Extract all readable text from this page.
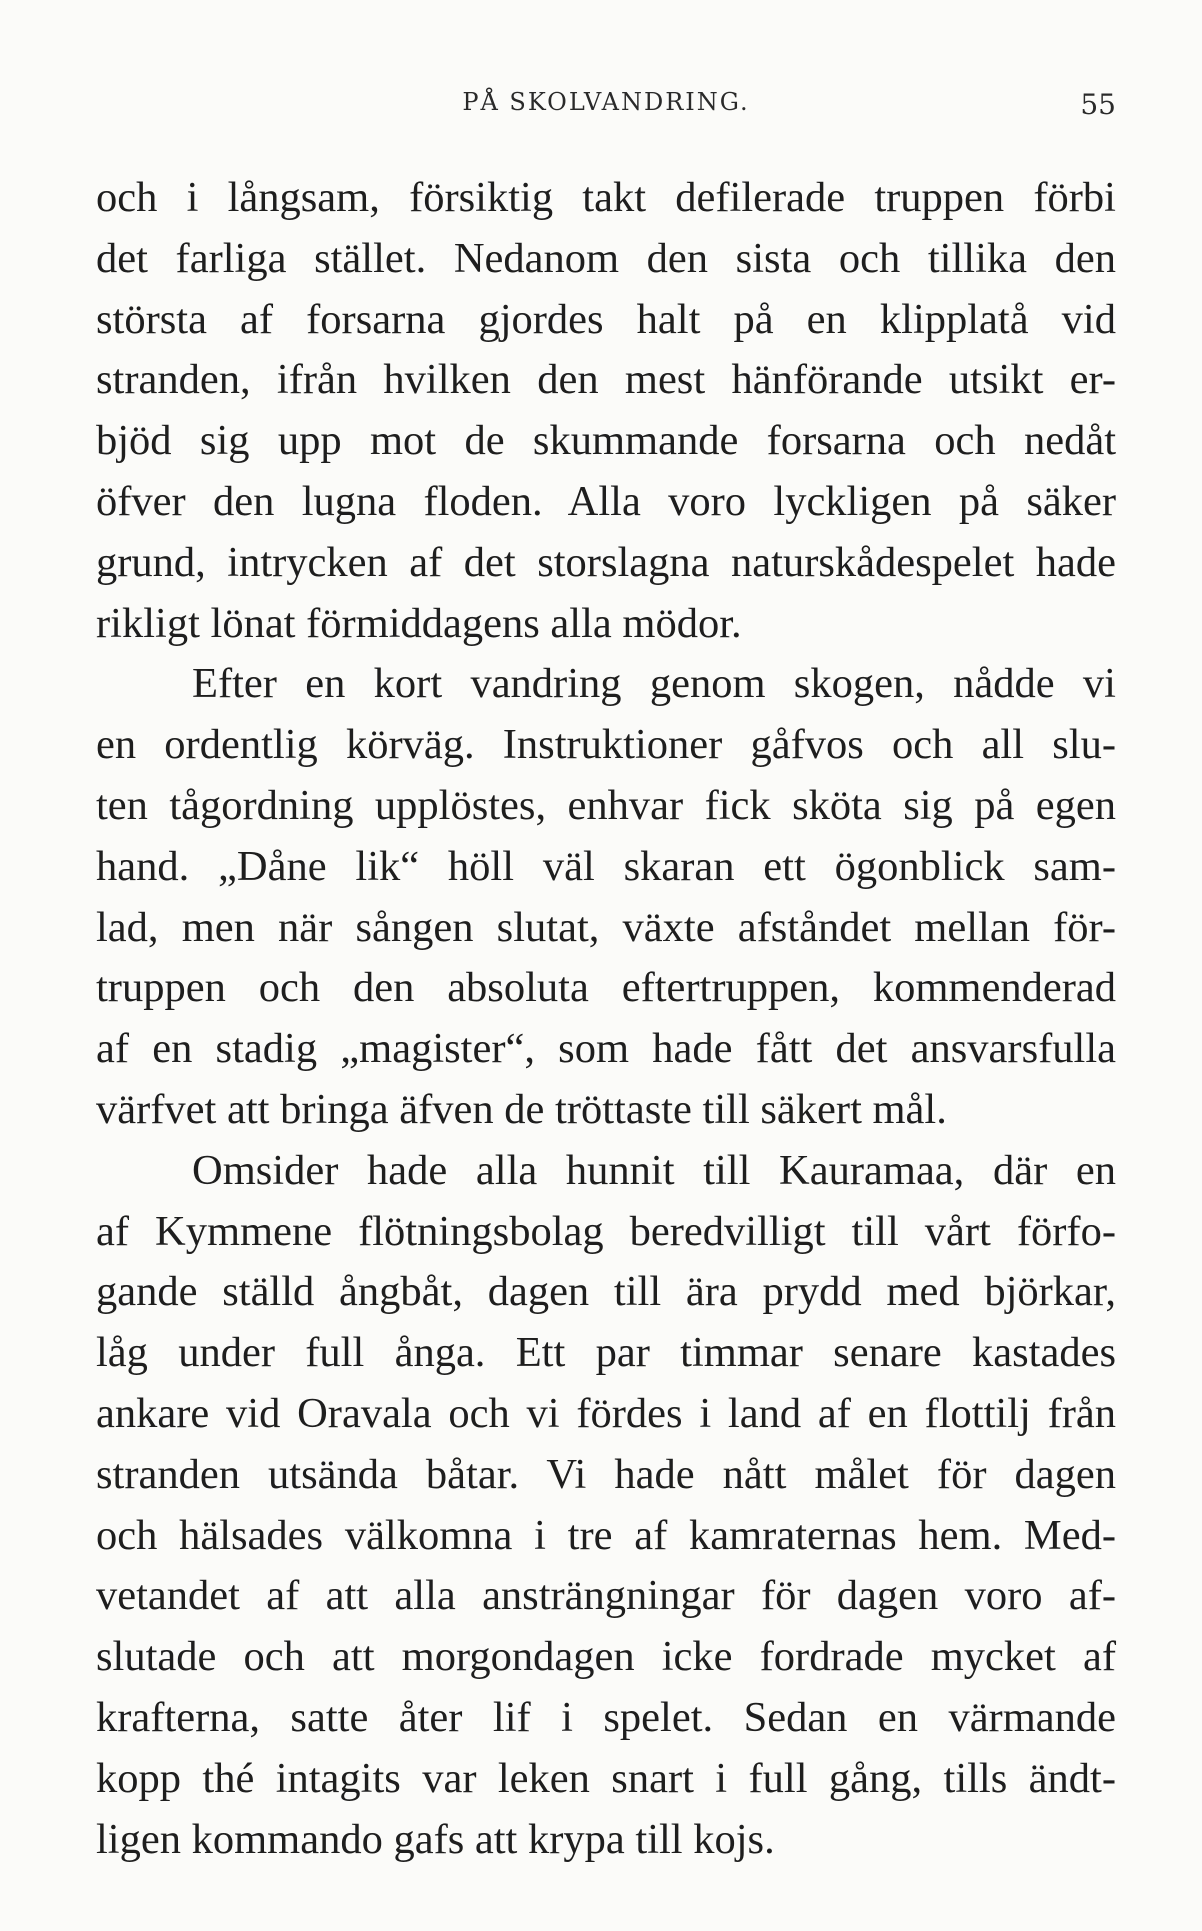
PÅ SKOLVANDRING.	55
och i långsam, försiktig takt defilerade truppen förbi
det farliga stället. Nedanom den sista och tillika den
största af forsarna gjordes halt på en klipplatå vid
stranden, ifrån hvilken den mest hänförande utsikt er-
bjöd sig upp mot de skummande forsarna och nedåt
öfver den lugna floden. Alla voro lyckligen på säker
grund, intrycken af det storslagna naturskådespelet hade
rikligt lönat förmiddagens alla mödor.
Efter en kort vandring genom skogen, nådde vi
en ordentlig körväg. Instruktioner gåfvos och all slu-
ten tågordning upplöstes, enhvar fick sköta sig på egen
hand. „Dåne lik“ höll väl skaran ett ögonblick sam-
lad, men när sången slutat, växte afståndet mellan för-
truppen och den absoluta eftertruppen, kommenderad
af en stadig „magister“, som hade fått det ansvarsfulla
värfvet att bringa äfven de tröttaste till säkert mål.
Omsider hade alla hunnit till Kauramaa, där en
af Kymmene flötningsbolag beredvilligt till vårt förfo-
gande ställd ångbåt, dagen till ära prydd med björkar,
låg under full ånga. Ett par timmar senare kastades
ankare vid Oravala och vi fördes i land af en flottilj från
stranden utsända båtar. Vi hade nått målet för dagen
och hälsades välkomna i tre af kamraternas hem. Med-
vetandet af att alla ansträngningar för dagen voro af-
slutade och att morgondagen icke fordrade mycket af
krafterna, satte åter lif i spelet. Sedan en värmande
kopp thé intagits var leken snart i full gång, tills ändt-
ligen kommando gafs att krypa till kojs.
